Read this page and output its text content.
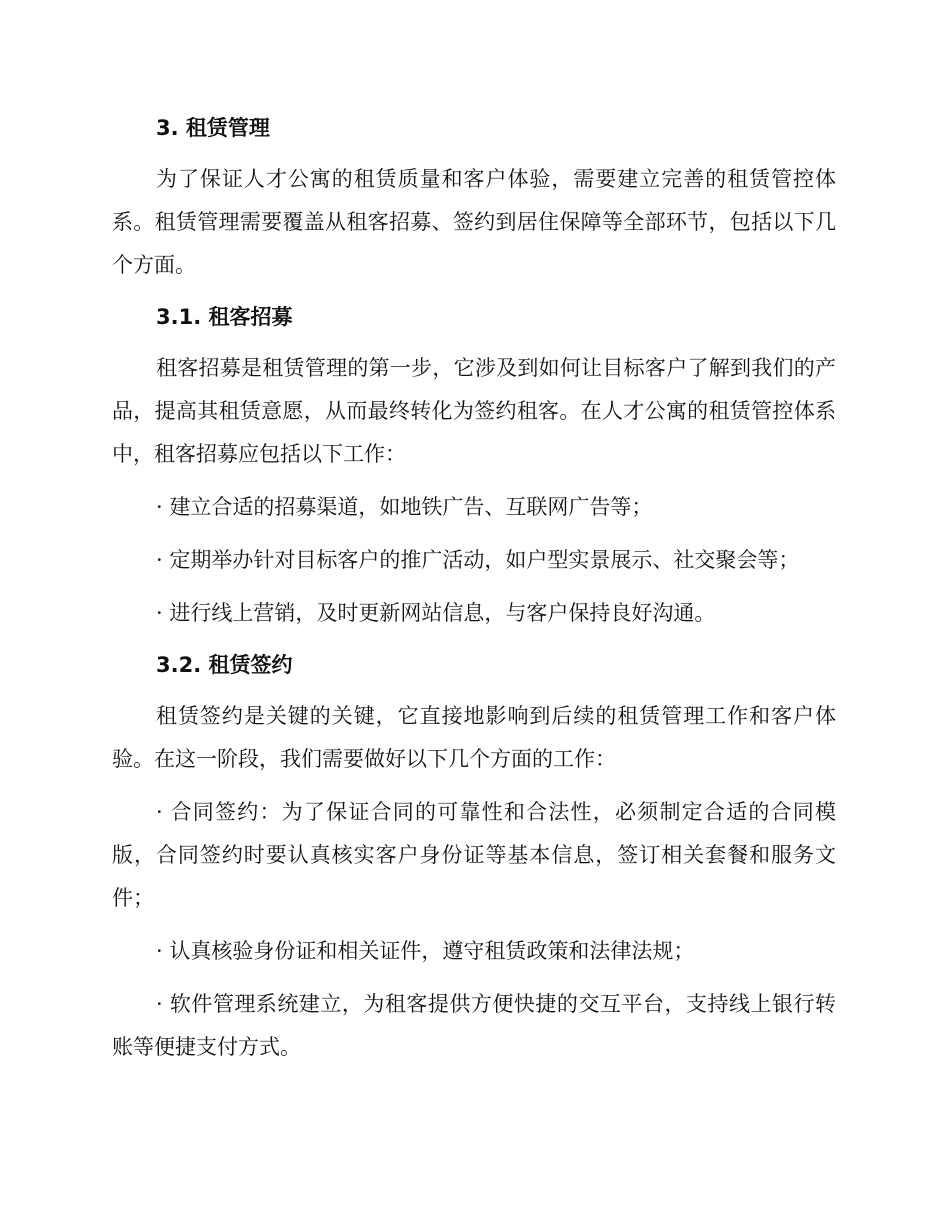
3. 租赁管理

为了保证人才公寓的租赁质量和客户体验，需要建立完善的租赁管控体系。租赁管理需要覆盖从租客招募、签约到居住保障等全部环节，包括以下几个方面。

3.1. 租客招募

租客招募是租赁管理的第一步，它涉及到如何让目标客户了解到我们的产品，提高其租赁意愿，从而最终转化为签约租客。在人才公寓的租赁管控体系中，租客招募应包括以下工作：

· 建立合适的招募渠道，如地铁广告、互联网广告等；

· 定期举办针对目标客户的推广活动，如户型实景展示、社交聚会等；

· 进行线上营销，及时更新网站信息，与客户保持良好沟通。

3.2. 租赁签约

租赁签约是关键的关键，它直接地影响到后续的租赁管理工作和客户体验。在这一阶段，我们需要做好以下几个方面的工作：

· 合同签约：为了保证合同的可靠性和合法性，必须制定合适的合同模版，合同签约时要认真核实客户身份证等基本信息，签订相关套餐和服务文件；

· 认真核验身份证和相关证件，遵守租赁政策和法律法规；

· 软件管理系统建立，为租客提供方便快捷的交互平台，支持线上银行转账等便捷支付方式。
